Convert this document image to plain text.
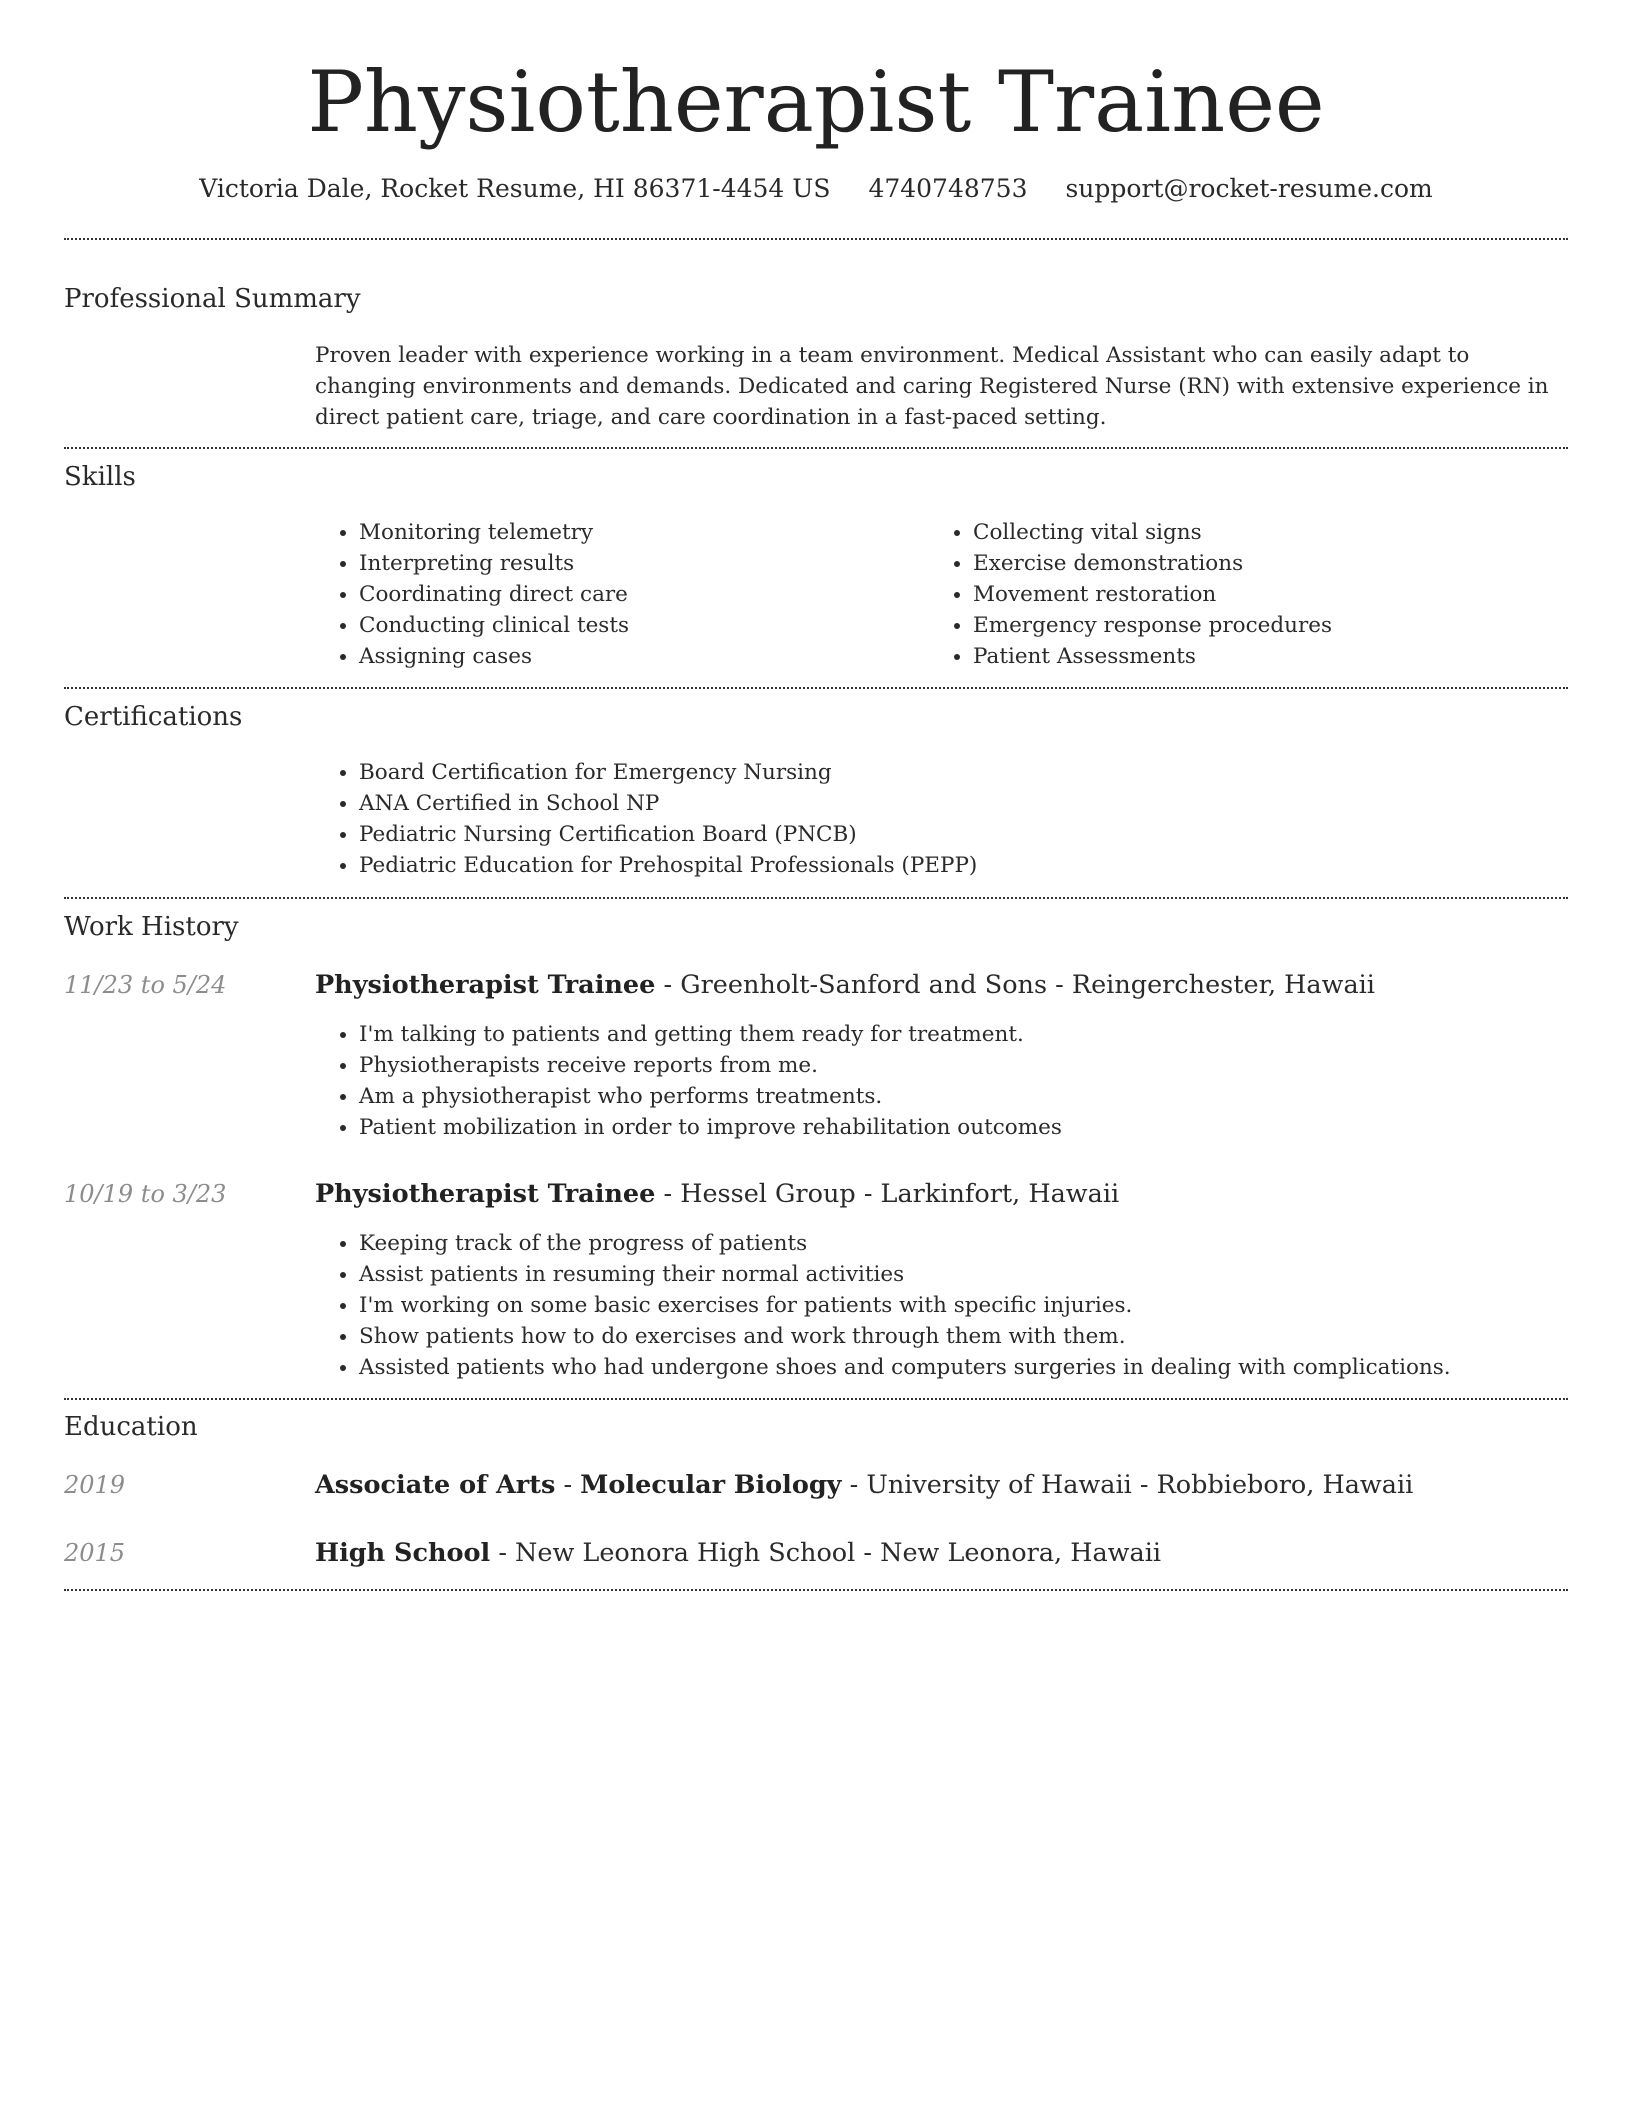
Physiotherapist Trainee
Victoria Dale, Rocket Resume, HI 86371-4454 US 4740748753 support@rocket-resume.com
Professional Summary

Proven leader with experience working in a team environment. Medical Assistant who can easily adapt to changing environments and demands. Dedicated and caring Registered Nurse (RN) with extensive experience in direct patient care, triage, and care coordination in a fast-paced setting.

Skills
• Monitoring telemetry
• Interpreting results
• Coordinating direct care
• Conducting clinical tests
• Assigning cases
• Collecting vital signs
• Exercise demonstrations
• Movement restoration
• Emergency response procedures
• Patient Assessments
Certifications
• Board Certification for Emergency Nursing
• ANA Certified in School NP
• Pediatric Nursing Certification Board (PNCB)
• Pediatric Education for Prehospital Professionals (PEPP)
Work History
11/23 to 5/24	Physiotherapist Trainee - Greenholt-Sanford and Sons - Reingerchester, Hawaii
• I'm talking to patients and getting them ready for treatment.
• Physiotherapists receive reports from me.
• Am a physiotherapist who performs treatments.
• Patient mobilization in order to improve rehabilitation outcomes
10/19 to 3/23	Physiotherapist Trainee - Hessel Group - Larkinfort, Hawaii
• Keeping track of the progress of patients
• Assist patients in resuming their normal activities
• I'm working on some basic exercises for patients with specific injuries.
• Show patients how to do exercises and work through them with them.
• Assisted patients who had undergone shoes and computers surgeries in dealing with complications.
Education
2019	Associate of Arts - Molecular Biology - University of Hawaii - Robbieboro, Hawaii
2015	High School - New Leonora High School - New Leonora, Hawaii
